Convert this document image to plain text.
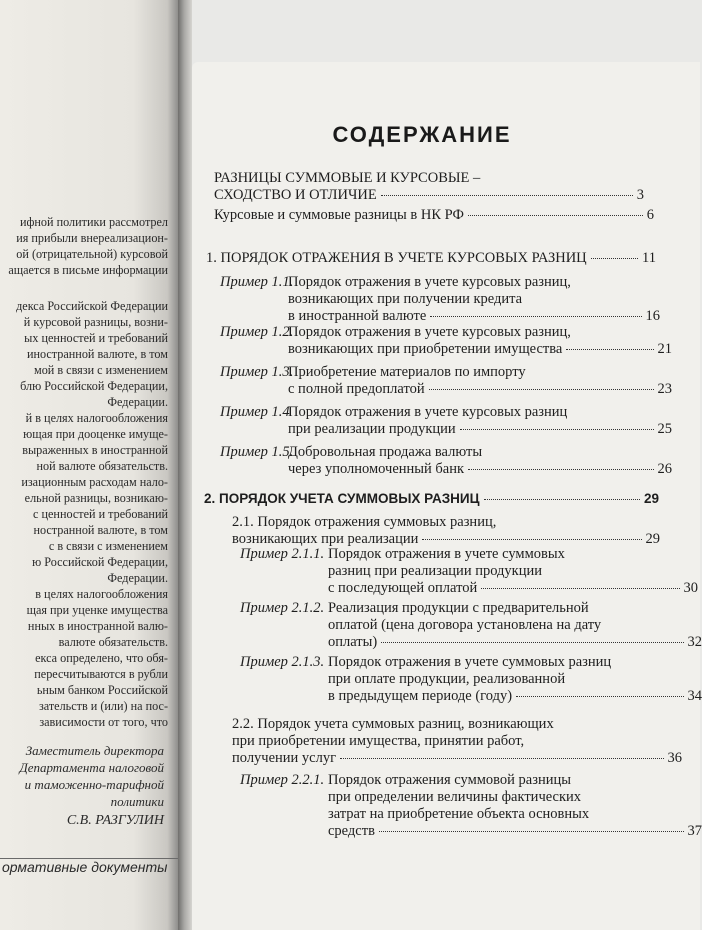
ифной политики рассмотрел
ия прибыли внереализацион-
ой (отрицательной) курсовой
ащается в письме информации
декса Российской Федерации
й курсовой разницы, возни-
ых ценностей и требований
иностранной валюте, в том
мой в связи с изменением
блю Российской Федерации,
Федерации.
й в целях налогообложения
ющая при дооценке имуще-
выраженных в иностранной
ной валюте обязательств.
изационным расходам нало-
ельной разницы, возникаю-
с ценностей и требований
ностранной валюте, в том
с в связи с изменением
ю Российской Федерации,
Федерации.
в целях налогообложения
щая при уценке имущества
нных в иностранной валю-
валюте обязательств.
екса определено, что обя-
пересчитываются в рубли
ьным банком Российской
зательств и (или) на пос-
зависимости от того, что
Заместитель директора
Департамента налоговой
и таможенно-тарифной
политики
С.В. РАЗГУЛИН
ормативные документы
СОДЕРЖАНИЕ
РАЗНИЦЫ СУММОВЫЕ И КУРСОВЫЕ –
СХОДСТВО И ОТЛИЧИЕ	3
Курсовые и суммовые разницы в НК РФ	6
1. ПОРЯДОК ОТРАЖЕНИЯ В УЧЕТЕ КУРСОВЫХ РАЗНИЦ	11
Пример 1.1.
Порядок отражения в учете курсовых разниц,
возникающих при получении кредита
в иностранной валюте	16
Пример 1.2.
Порядок отражения в учете курсовых разниц,
возникающих при приобретении имущества	21
Пример 1.3.
Приобретение материалов по импорту
с полной предоплатой	23
Пример 1.4
Порядок отражения в учете курсовых разниц
при реализации продукции	25
Пример 1.5.
Добровольная продажа валюты
через уполномоченный банк	26
2. ПОРЯДОК УЧЕТА СУММОВЫХ РАЗНИЦ	29
2.1. Порядок отражения суммовых разниц,
возникающих при реализации	29
Пример 2.1.1. Порядок отражения в учете суммовых
разниц при реализации продукции
с последующей оплатой	30
Пример 2.1.2. Реализация продукции с предварительной
оплатой (цена договора установлена на дату
оплаты)	32
Пример 2.1.3. Порядок отражения в учете суммовых разниц
при оплате продукции, реализованной
в предыдущем периоде (году)	34
2.2. Порядок учета суммовых разниц, возникающих
при приобретении имущества, принятии работ,
получении услуг	36
Пример 2.2.1. Порядок отражения суммовой разницы
при определении величины фактических
затрат на приобретение объекта основных
средств	37
